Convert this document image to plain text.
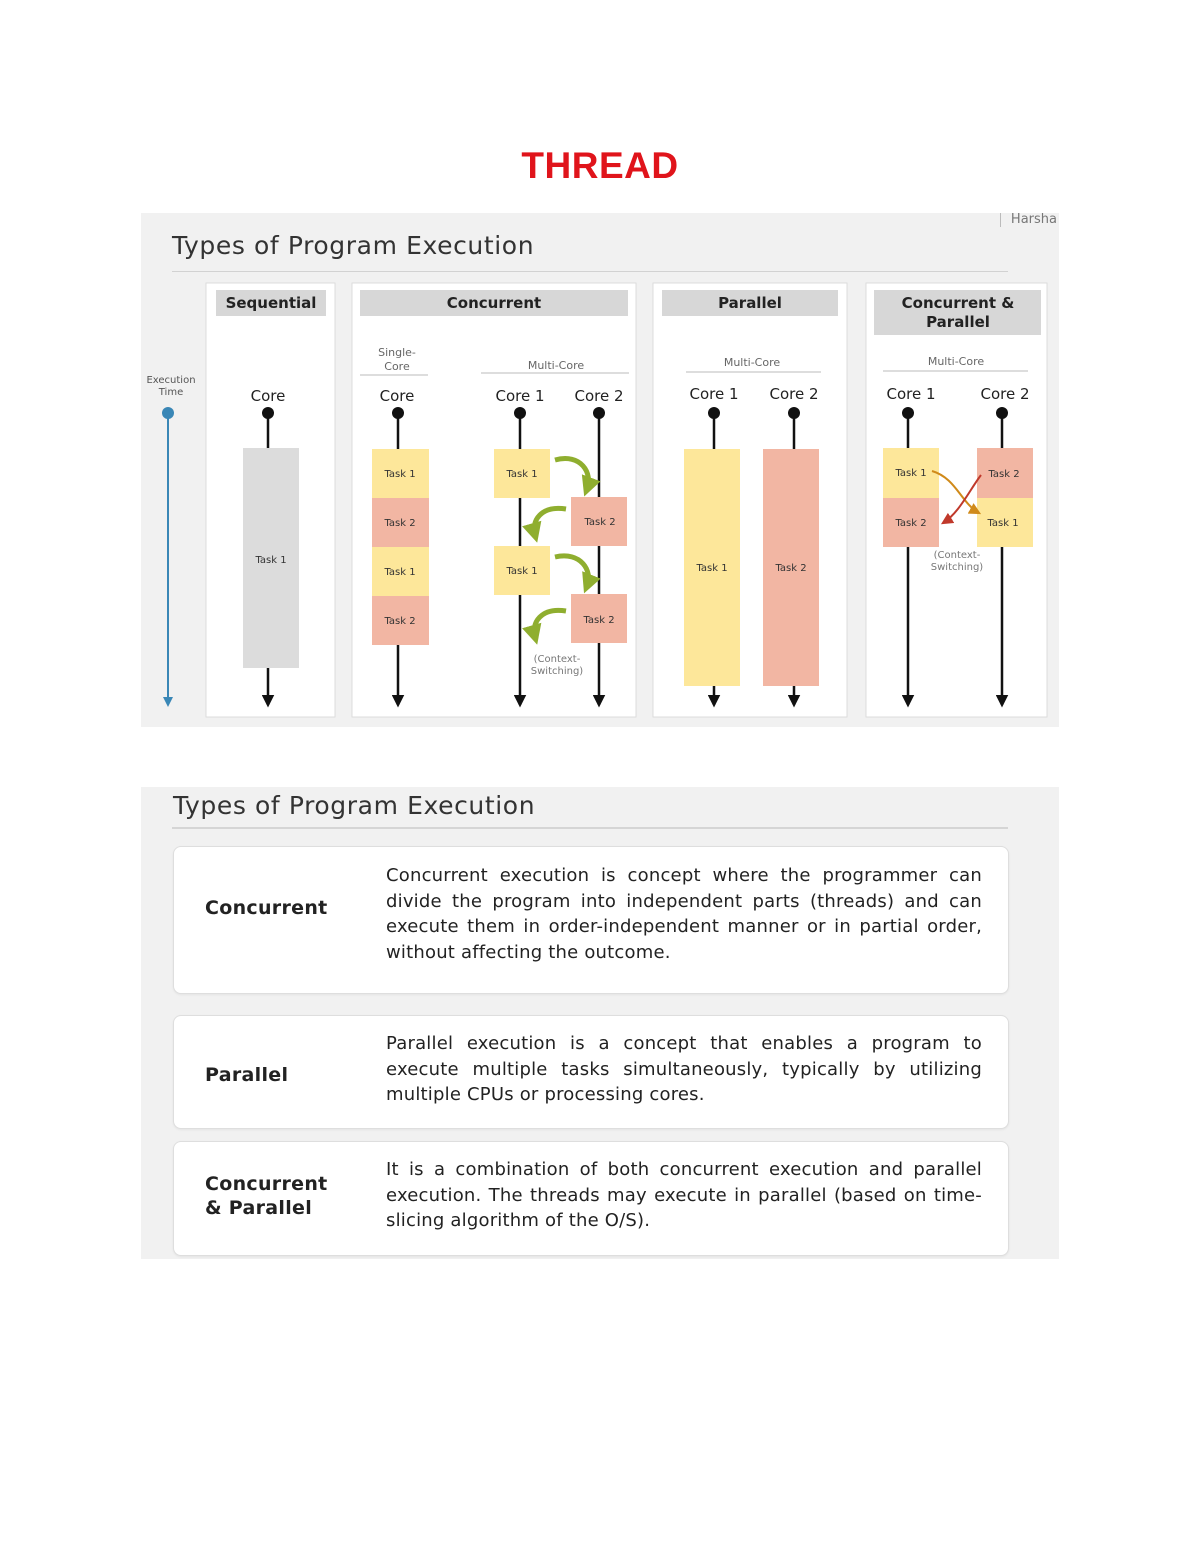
THREAD
Execution
Time
Sequential	Concurrent	Parallel	Concurrent &
Parallel
Single-
Core	Multi-Core	Multi-Core	Multi-Core
Core	Core	Core 1 Core 2	Core 1 Core 2	Core 1	Core 2
Task 1
Task 1
Task 2
Task 1
Task 2
Task 1
Task 2
Task 1
Task 2
Task 1	Task 2
Task 1
Task 2
Task 2
Task 1
(Context-
Switching)
(Context-
Switching)
Types of Program Execution
Harsha
Types of Program Execution
Concurrent
Concurrent execution is concept where the programmer can divide the program into independent parts (threads) and can execute them in order-independent manner or in partial order, without affecting the outcome.
Parallel
Parallel execution is a concept that enables a program to execute multiple tasks simultaneously, typically by utilizing multiple CPUs or processing cores.
Concurrent
& Parallel
It is a combination of both concurrent execution and parallel execution. The threads may execute in parallel (based on time-slicing algorithm of the O/S).
